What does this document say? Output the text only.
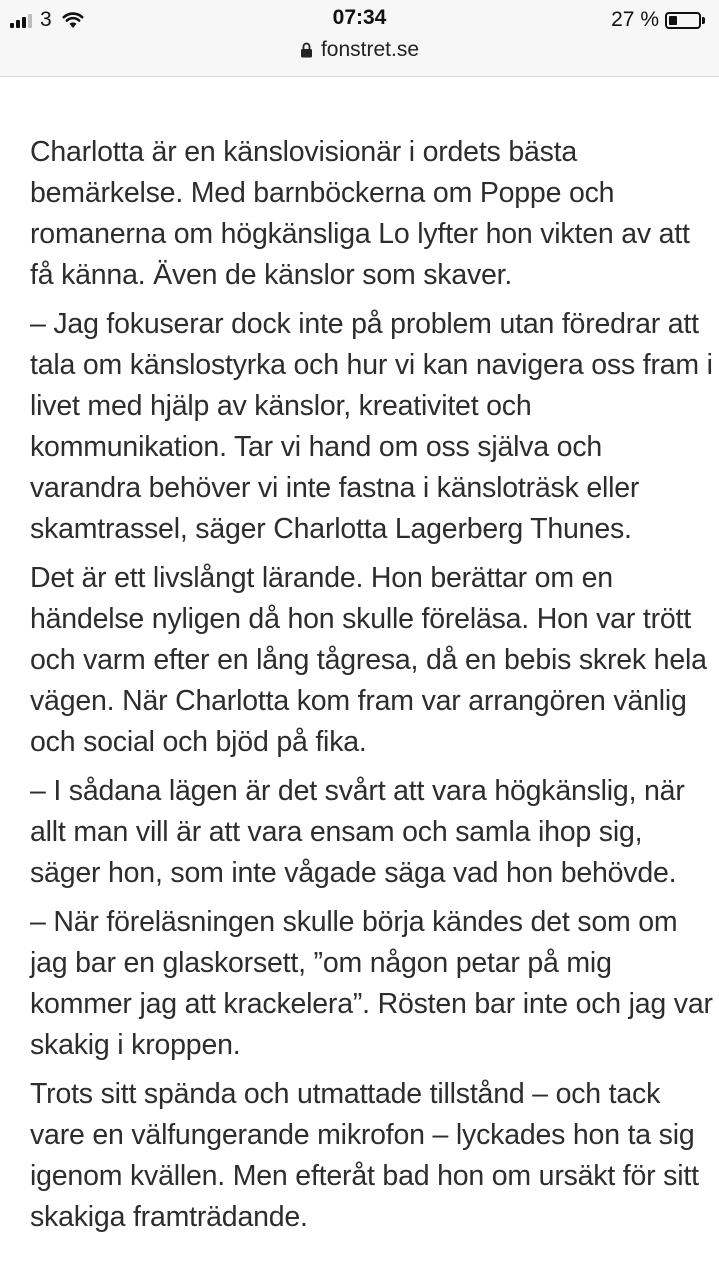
3	07:34	27 %
fonstret.se

Charlotta är en känslovisionär i ordets bästa bemärkelse. Med barnböckerna om Poppe och romanerna om högkänsliga Lo lyfter hon vikten av att få känna. Även de känslor som skaver.

– Jag fokuserar dock inte på problem utan föredrar att tala om känslostyrka och hur vi kan navigera oss fram i livet med hjälp av känslor, kreativitet och kommunikation. Tar vi hand om oss själva och varandra behöver vi inte fastna i känsloträsk eller skamtrassel, säger Charlotta Lagerberg Thunes.

Det är ett livslångt lärande. Hon berättar om en händelse nyligen då hon skulle föreläsa. Hon var trött och varm efter en lång tågresa, då en bebis skrek hela vägen. När Charlotta kom fram var arrangören vänlig och social och bjöd på fika.

– I sådana lägen är det svårt att vara högkänslig, när allt man vill är att vara ensam och samla ihop sig, säger hon, som inte vågade säga vad hon behövde.

– När föreläsningen skulle börja kändes det som om jag bar en glaskorsett, ”om någon petar på mig kommer jag att krackelera”. Rösten bar inte och jag var skakig i kroppen.

Trots sitt spända och utmattade tillstånd – och tack vare en välfungerande mikrofon – lyckades hon ta sig igenom kvällen. Men efteråt bad hon om ursäkt för sitt skakiga framträdande.
